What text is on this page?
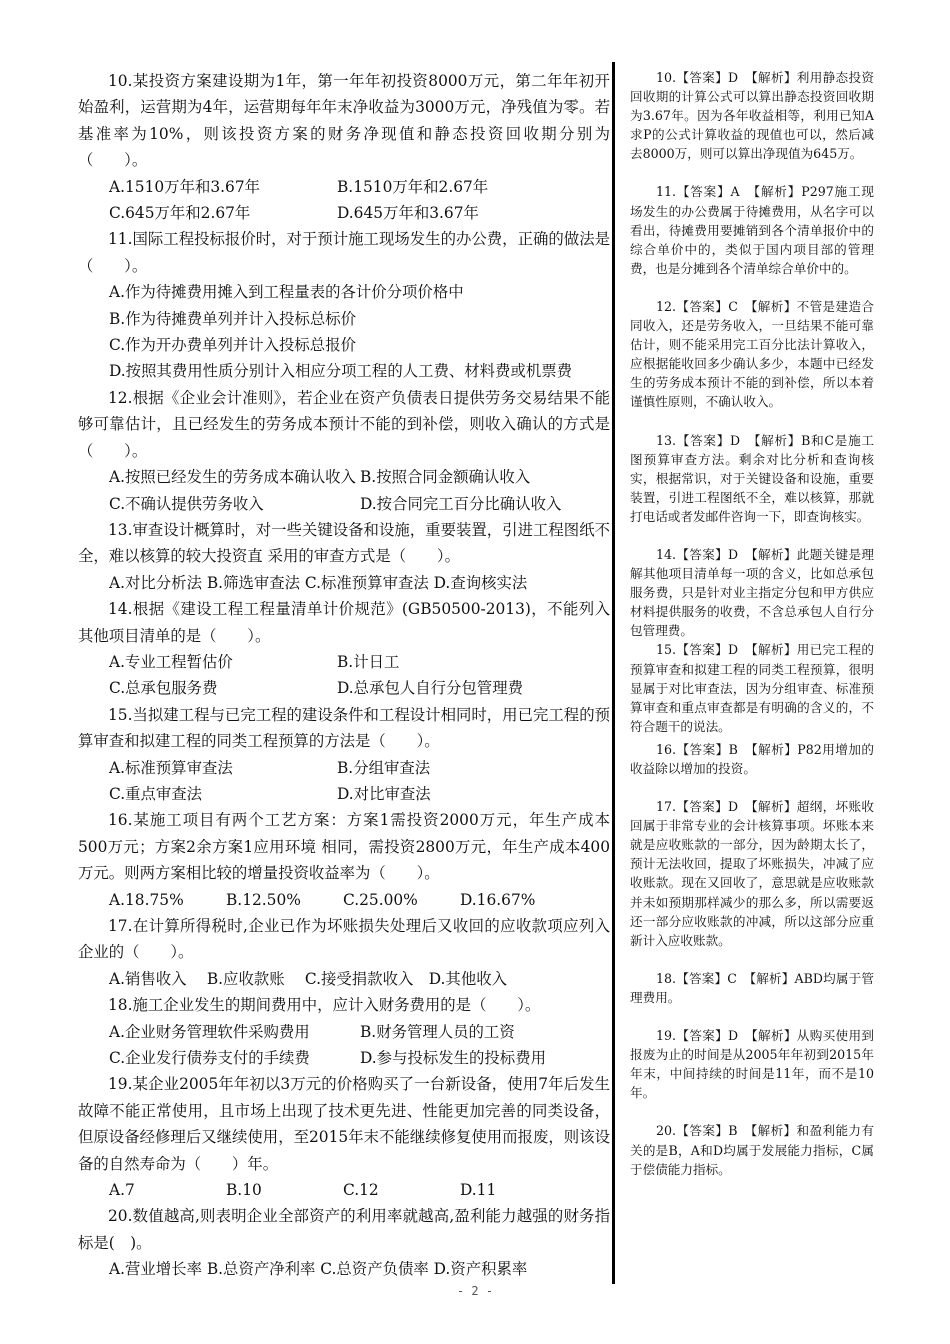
10.某投资方案建设期为1年，第一年年初投资8000万元，第二年年初开始盈利，运营期为4年，运营期每年年末净收益为3000万元，净残值为零。若基准率为10%，则该投资方案的财务净现值和静态投资回收期分别为（　　）。

A.1510万年和3.67年	B.1510万年和2.67年

C.645万年和2.67年	D.645万年和3.67年

11.国际工程投标报价时，对于预计施工现场发生的办公费，正确的做法是（　　）。

A.作为待摊费用摊入到工程量表的各计价分项价格中

B.作为待摊费单列并计入投标总标价

C.作为开办费单列并计入投标总报价

D.按照其费用性质分别计入相应分项工程的人工费、材料费或机票费

12.根据《企业会计准则》，若企业在资产负债表日提供劳务交易结果不能够可靠估计，且已经发生的劳务成本预计不能的到补偿，则收入确认的方式是（　　）。

A.按照已经发生的劳务成本确认收入 B.按照合同金额确认收入

C.不确认提供劳务收入	D.按合同完工百分比确认收入

13.审查设计概算时，对一些关键设备和设施，重要装置，引进工程图纸不全，难以核算的较大投资直 采用的审查方式是（　　）。

A.对比分析法 B.筛选审查法 C.标准预算审查法 D.查询核实法

14.根据《建设工程工程量清单计价规范》(GB50500-2013)，不能列入其他项目清单的是（　　）。

A.专业工程暂估价	B.计日工

C.总承包服务费	D.总承包人自行分包管理费

15.当拟建工程与已完工程的建设条件和工程设计相同时，用已完工程的预算审查和拟建工程的同类工程预算的方法是（　　）。

A.标准预算审查法	B.分组审查法

C.重点审查法	D.对比审查法

16.某施工项目有两个工艺方案：方案1需投资2000万元，年生产成本500万元；方案2余方案1应用环境 相同，需投资2800万元，年生产成本400万元。则两方案相比较的增量投资收益率为（　　）。

A.18.75%	B.12.50%	C.25.00%	D.16.67%

17.在计算所得税时,企业已作为坏账损失处理后又收回的应收款项应列入企业的（　　）。

A.销售收入　 B.应收款账　 C.接受捐款收入　D.其他收入

18.施工企业发生的期间费用中，应计入财务费用的是（　　）。

A.企业财务管理软件采购费用	B.财务管理人员的工资

C.企业发行债券支付的手续费	D.参与投标发生的投标费用

19.某企业2005年年初以3万元的价格购买了一台新设备，使用7年后发生故障不能正常使用，且市场上出现了技术更先进、性能更加完善的同类设备，但原设备经修理后又继续使用，至2015年末不能继续修复使用而报废，则该设备的自然寿命为（　　）年。

A.7	B.10	C.12	D.11

20.数值越高,则表明企业全部资产的利用率就越高,盈利能力越强的财务指标是(　)。

A.营业增长率 B.总资产净利率 C.总资产负债率 D.资产积累率

10.【答案】D　【解析】利用静态投资回收期的计算公式可以算出静态投资回收期为3.67年。因为各年收益相等，利用已知A求P的公式计算收益的现值也可以，然后减去8000万，则可以算出净现值为645万。

11.【答案】A　【解析】P297施工现场发生的办公费属于待摊费用，从名字可以看出，待摊费用要摊销到各个清单报价中的综合单价中的，类似于国内项目部的管理费，也是分摊到各个清单综合单价中的。

12.【答案】C　【解析】不管是建造合同收入，还是劳务收入，一旦结果不能可靠估计，则不能采用完工百分比法计算收入，应根据能收回多少确认多少，本题中已经发生的劳务成本预计不能的到补偿，所以本着谨慎性原则，不确认收入。

13.【答案】D　【解析】B和C是施工图预算审查方法。剩余对比分析和查询核实，根据常识，对于关键设备和设施，重要装置，引进工程图纸不全，难以核算，那就打电话或者发邮件咨询一下，即查询核实。

14.【答案】D　【解析】此题关键是理解其他项目清单每一项的含义，比如总承包服务费，只是针对业主指定分包和甲方供应材料提供服务的收费，不含总承包人自行分包管理费。

15.【答案】D　【解析】用已完工程的预算审查和拟建工程的同类工程预算，很明显属于对比审查法，因为分组审查、标准预算审查和重点审查都是有明确的含义的，不符合题干的说法。

16.【答案】B　【解析】P82用增加的收益除以增加的投资。

17.【答案】D　【解析】超纲，坏账收回属于非常专业的会计核算事项。坏账本来就是应收账款的一部分，因为龄期太长了，预计无法收回，提取了坏账损失，冲减了应收账款。现在又回收了，意思就是应收账款并未如预期那样减少的那么多，所以需要返还一部分应收账款的冲减，所以这部分应重新计入应收账款。

18.【答案】C　【解析】ABD均属于管理费用。

19.【答案】D　【解析】从购买使用到报废为止的时间是从2005年年初到2015年年末，中间持续的时间是11年，而不是10年。

20.【答案】B　【解析】和盈利能力有关的是B，A和D均属于发展能力指标，C属于偿债能力指标。

- 2 -
